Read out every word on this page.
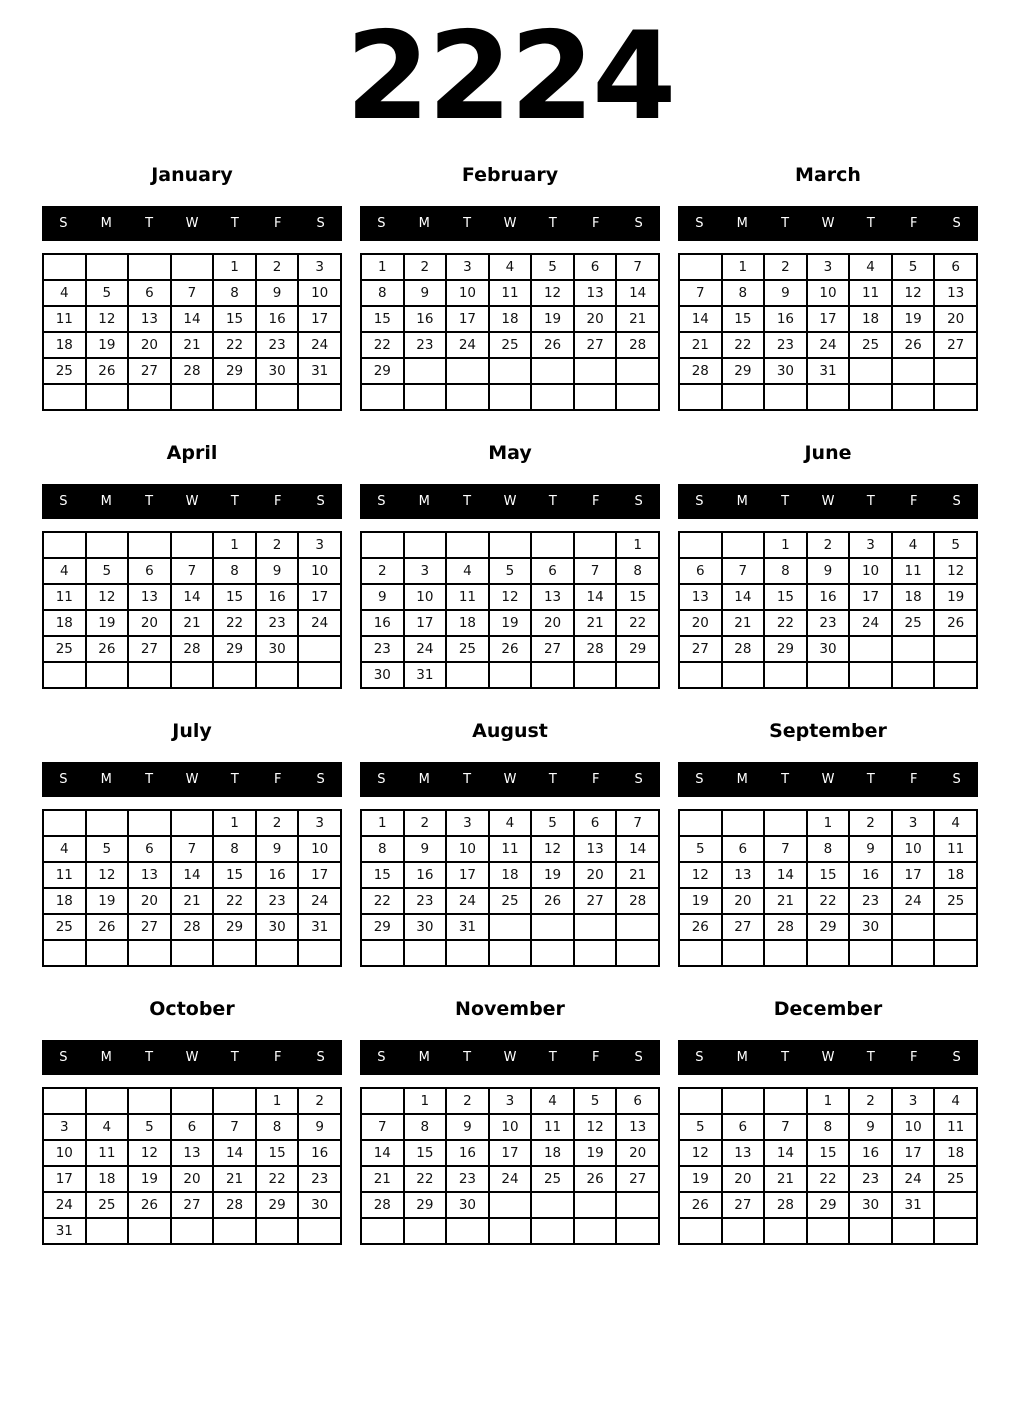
2224
January
S	M	T	W	T	F	S
				1	2	3
4	5	6	7	8	9	10
11	12	13	14	15	16	17
18	19	20	21	22	23	24
25	26	27	28	29	30	31

February
S	M	T	W	T	F	S
1	2	3	4	5	6	7
8	9	10	11	12	13	14
15	16	17	18	19	20	21
22	23	24	25	26	27	28
29						

March
S	M	T	W	T	F	S
	1	2	3	4	5	6
7	8	9	10	11	12	13
14	15	16	17	18	19	20
21	22	23	24	25	26	27
28	29	30	31			

April
S	M	T	W	T	F	S
				1	2	3
4	5	6	7	8	9	10
11	12	13	14	15	16	17
18	19	20	21	22	23	24
25	26	27	28	29	30	

May
S	M	T	W	T	F	S
						1
2	3	4	5	6	7	8
9	10	11	12	13	14	15
16	17	18	19	20	21	22
23	24	25	26	27	28	29
30	31					
June
S	M	T	W	T	F	S
		1	2	3	4	5
6	7	8	9	10	11	12
13	14	15	16	17	18	19
20	21	22	23	24	25	26
27	28	29	30			

July
S	M	T	W	T	F	S
				1	2	3
4	5	6	7	8	9	10
11	12	13	14	15	16	17
18	19	20	21	22	23	24
25	26	27	28	29	30	31

August
S	M	T	W	T	F	S
1	2	3	4	5	6	7
8	9	10	11	12	13	14
15	16	17	18	19	20	21
22	23	24	25	26	27	28
29	30	31				

September
S	M	T	W	T	F	S
			1	2	3	4
5	6	7	8	9	10	11
12	13	14	15	16	17	18
19	20	21	22	23	24	25
26	27	28	29	30		

October
S	M	T	W	T	F	S
					1	2
3	4	5	6	7	8	9
10	11	12	13	14	15	16
17	18	19	20	21	22	23
24	25	26	27	28	29	30
31						
November
S	M	T	W	T	F	S
	1	2	3	4	5	6
7	8	9	10	11	12	13
14	15	16	17	18	19	20
21	22	23	24	25	26	27
28	29	30				

December
S	M	T	W	T	F	S
			1	2	3	4
5	6	7	8	9	10	11
12	13	14	15	16	17	18
19	20	21	22	23	24	25
26	27	28	29	30	31	
